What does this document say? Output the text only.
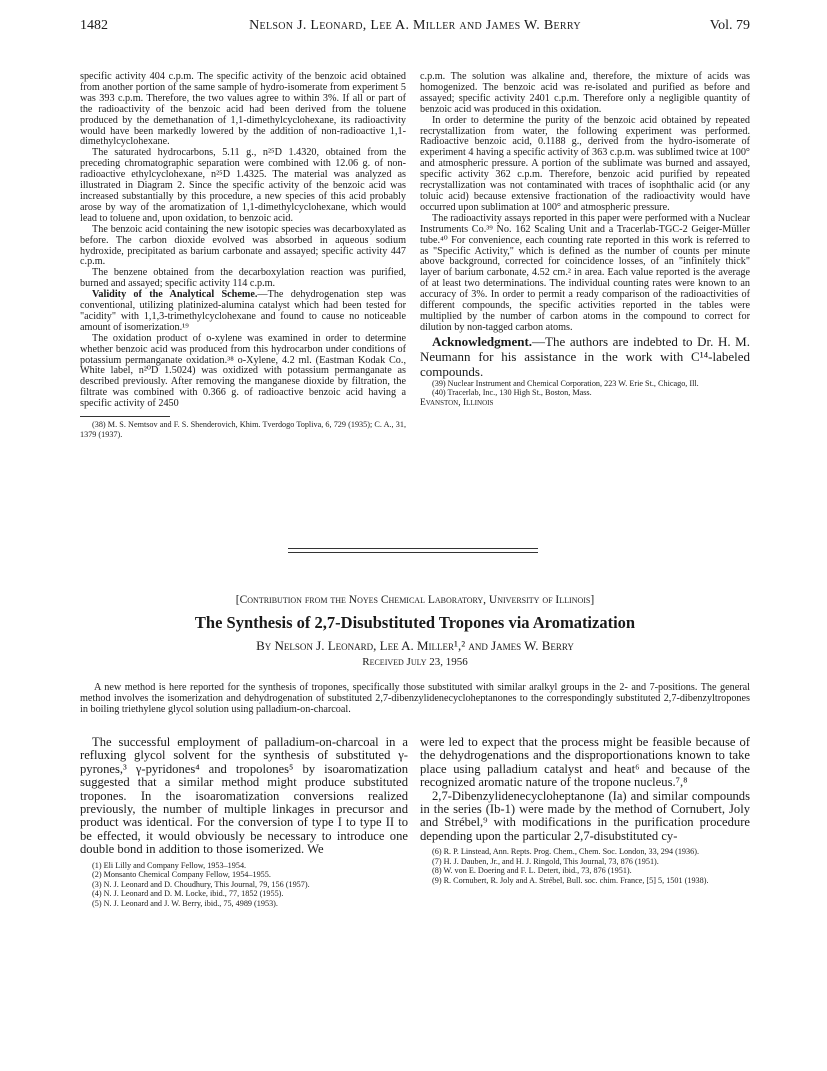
1482	Nelson J. Leonard, Lee A. Miller and James W. Berry	Vol. 79

specific activity 404 c.p.m. The specific activity of the benzoic acid obtained from another portion of the same sample of hydro-isomerate from experiment 5 was 393 c.p.m. Therefore, the two values agree to within 3%. If all or part of the radioactivity of the benzoic acid had been derived from the toluene produced by the demethanation of 1,1-dimethylcyclohexane, its radioactivity would have been markedly lowered by the addition of non-radioactive 1,1-dimethylcyclohexane.

The saturated hydrocarbons, 5.11 g., n²⁵D 1.4320, obtained from the preceding chromatographic separation were combined with 12.06 g. of non-radioactive ethylcyclohexane, n²⁵D 1.4325. The material was analyzed as illustrated in Diagram 2. Since the specific activity of the benzoic acid was increased substantially by this procedure, a new species of this acid probably arose by way of the aromatization of 1,1-dimethylcyclohexane, which would lead to toluene and, upon oxidation, to benzoic acid.

The benzoic acid containing the new isotopic species was decarboxylated as before. The carbon dioxide evolved was absorbed in aqueous sodium hydroxide, precipitated as barium carbonate and assayed; specific activity 447 c.p.m.

The benzene obtained from the decarboxylation reaction was purified, burned and assayed; specific activity 114 c.p.m.

Validity of the Analytical Scheme.—The dehydrogenation step was conventional, utilizing platinized-alumina catalyst which had been tested for "acidity" with 1,1,3-trimethylcyclohexane and found to cause no noticeable amount of isomerization.¹⁹

The oxidation product of o-xylene was examined in order to determine whether benzoic acid was produced from this hydrocarbon under conditions of potassium permanganate oxidation.³⁸ o-Xylene, 4.2 ml. (Eastman Kodak Co., White label, n²⁰D 1.5024) was oxidized with potassium permanganate as described previously. After removing the manganese dioxide by filtration, the filtrate was combined with 0.366 g. of radioactive benzoic acid having a specific activity of 2450

(38) M. S. Nemtsov and F. S. Shenderovich, Khim. Tverdogo Topliva, 6, 729 (1935); C. A., 31, 1379 (1937).

c.p.m. The solution was alkaline and, therefore, the mixture of acids was homogenized. The benzoic acid was re-isolated and purified as before and assayed; specific activity 2401 c.p.m. Therefore only a negligible quantity of benzoic acid was produced in this oxidation.

In order to determine the purity of the benzoic acid obtained by repeated recrystallization from water, the following experiment was performed. Radioactive benzoic acid, 0.1188 g., derived from the hydro-isomerate of experiment 4 having a specific activity of 363 c.p.m. was sublimed twice at 100° and atmospheric pressure. A portion of the sublimate was burned and assayed, specific activity 362 c.p.m. Therefore, benzoic acid purified by repeated recrystallization was not contaminated with traces of isophthalic acid (or any toluic acid) because extensive fractionation of the radioactivity would have occurred upon sublimation at 100° and atmospheric pressure.

The radioactivity assays reported in this paper were performed with a Nuclear Instruments Co.³⁹ No. 162 Scaling Unit and a Tracerlab-TGC-2 Geiger-Müller tube.⁴⁰ For convenience, each counting rate reported in this work is referred to as "Specific Activity," which is defined as the number of counts per minute above background, corrected for coincidence losses, of an "infinitely thick" layer of barium carbonate, 4.52 cm.² in area. Each value reported is the average of at least two determinations. The individual counting rates were known to an accuracy of 3%. In order to permit a ready comparison of the radioactivities of different compounds, the specific activities reported in the tables were multiplied by the number of carbon atoms in the compound to correct for dilution by non-tagged carbon atoms.

Acknowledgment.—The authors are indebted to Dr. H. M. Neumann for his assistance in the work with C¹⁴-labeled compounds.

(39) Nuclear Instrument and Chemical Corporation, 223 W. Erie St., Chicago, Ill.

(40) Tracerlab, Inc., 130 High St., Boston, Mass.

Evanston, Illinois

[Contribution from the Noyes Chemical Laboratory, University of Illinois]
The Synthesis of 2,7-Disubstituted Tropones via Aromatization
By Nelson J. Leonard, Lee A. Miller¹,² and James W. Berry
Received July 23, 1956

A new method is here reported for the synthesis of tropones, specifically those substituted with similar aralkyl groups in the 2- and 7-positions. The general method involves the isomerization and dehydrogenation of substituted 2,7-dibenzylidenecycloheptanones to the correspondingly substituted 2,7-dibenzyltropones in boiling triethylene glycol solution using palladium-on-charcoal.

The successful employment of palladium-on-charcoal in a refluxing glycol solvent for the synthesis of substituted γ-pyrones,³ γ-pyridones⁴ and tropolones⁵ by isoaromatization suggested that a similar method might produce substituted tropones. In the isoaromatization conversions realized previously, the number of multiple linkages in precursor and product was identical. For the conversion of type I to type II to be effected, it would obviously be necessary to introduce one double bond in addition to those isomerized. We

(1) Eli Lilly and Company Fellow, 1953–1954.

(2) Monsanto Chemical Company Fellow, 1954–1955.

(3) N. J. Leonard and D. Choudhury, This Journal, 79, 156 (1957).

(4) N. J. Leonard and D. M. Locke, ibid., 77, 1852 (1955).

(5) N. J. Leonard and J. W. Berry, ibid., 75, 4989 (1953).

were led to expect that the process might be feasible because of the dehydrogenations and the disproportionations known to take place using palladium catalyst and heat⁶ and because of the recognized aromatic nature of the tropone nucleus.⁷,⁸

2,7-Dibenzylidenecycloheptanone (Ia) and similar compounds in the series (Ib-1) were made by the method of Cornubert, Joly and Strébel,⁹ with modifications in the purification procedure depending upon the particular 2,7-disubstituted cy-

(6) R. P. Linstead, Ann. Repts. Prog. Chem., Chem. Soc. London, 33, 294 (1936).

(7) H. J. Dauben, Jr., and H. J. Ringold, This Journal, 73, 876 (1951).

(8) W. von E. Doering and F. L. Detert, ibid., 73, 876 (1951).

(9) R. Cornubert, R. Joly and A. Strébel, Bull. soc. chim. France, [5] 5, 1501 (1938).
